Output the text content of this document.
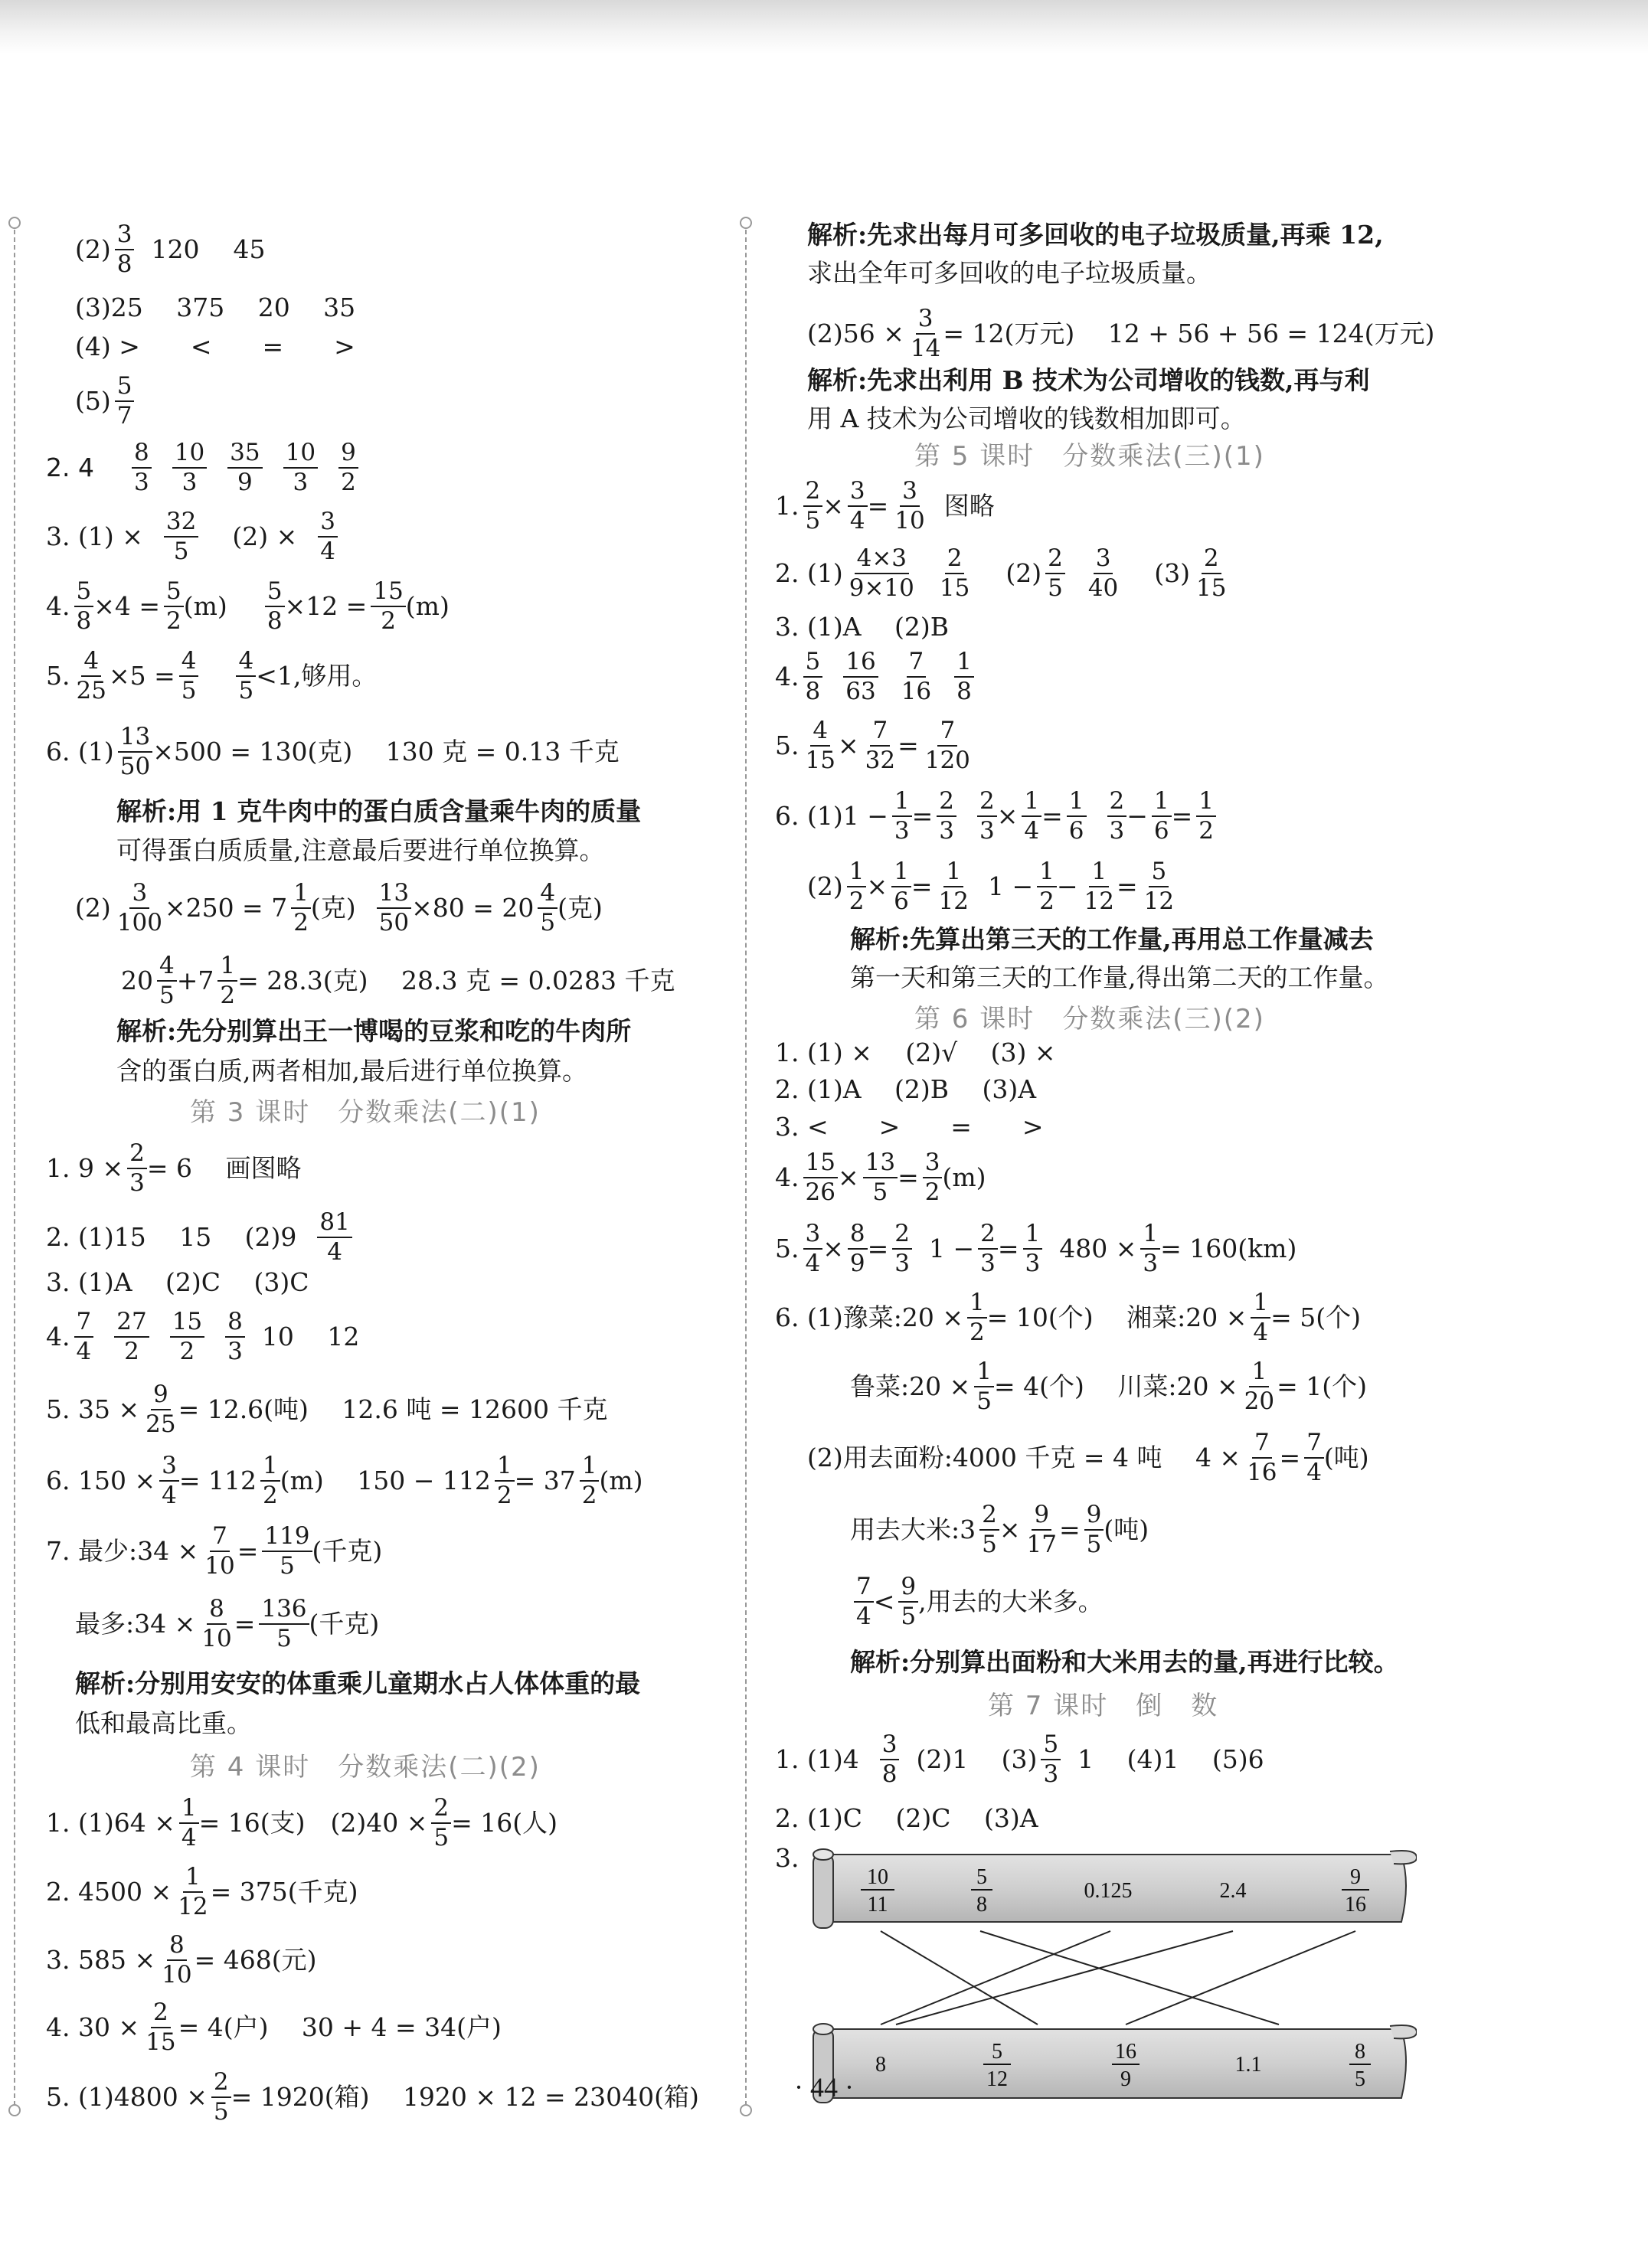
$(2) \frac{3}{8} 120$ 45
(3)25　 375　 20　 35
(4) >　　<　　=　　>
$(5) \frac{5}{7}$
2. $4 \frac{8}{3} \frac{10}{3} \frac{35}{9} \frac{10}{3} \frac{9}{2}$
3. $(1) \times \frac{32}{5} (2) \times \frac{3}{4}$
4. $\frac{5}{8} \times 4 = \frac{5}{2} (m) \frac{5}{8} \times 12 = \frac{15}{2} (m)$
5. $\frac{4}{25} \times 5 = \frac{4}{5} \frac{4}{5} <1$,够用。
6. $(1) \frac{13}{50} \times 500 = 130$(克)　 130 克 = 0.13 千克
解析:用 1 克牛肉中的蛋白质含量乘牛肉的质量
可得蛋白质质量,注意最后要进行单位换算。
$(2) \frac{3}{100} \times 250 = 7 \frac{1}{2}$ (克) $\frac{13}{50} \times 80 = 20 \frac{4}{5}$ (克)
$20 \frac{4}{5} +7 \frac{1}{2} = 28.3$(克)　 28.3 克 = 0.0283 千克
解析:先分别算出王一博喝的豆浆和吃的牛肉所
含的蛋白质,两者相加,最后进行单位换算。
第 3 课时　分数乘法(二)(1)
1. $9 \times \frac{2}{3} = 6$　 画图略
2. (1)15　 15　 $(2)9 \frac{81}{4}$
3. (1)A　 (2)C　 (3)C
4. $\frac{7}{4} \frac{27}{2} \frac{15}{2} \frac{8}{3} 10$　 12
5. $35 \times \frac{9}{25} = 12.6$(吨)　 12.6 吨 = 12600 千克
6. $150 \times \frac{3}{4} = 112 \frac{1}{2} (m)$　 $150 - 112 \frac{1}{2} = 37 \frac{1}{2} (m)$
7. 最少:34 × $\frac{7}{10} = \frac{119}{5}$ (千克)
最多:34 × $\frac{8}{10} = \frac{136}{5}$ (千克)
解析:分别用安安的体重乘儿童期水占人体体重的最
低和最高比重。
第 4 课时　分数乘法(二)(2)
1. $(1)64 \times \frac{1}{4} = 16$(支)　$(2)40 \times \frac{2}{5} = 16$(人)
2. $4500 \times \frac{1}{12} = 375$(千克)
3. $585 \times \frac{8}{10} = 468$(元)
4. $30 \times \frac{2}{15} = 4$(户)　 30 + 4 = 34(户)
5. $(1)4800 \times \frac{2}{5} = 1920$(箱)　 1920 × 12 = 23040(箱)
解析:先求出每月可多回收的电子垃圾质量,再乘 12,
求出全年可多回收的电子垃圾质量。
$(2)56 \times \frac{3}{14} = 12$(万元)　 12 + 56 + 56 = 124(万元)
解析:先求出利用 B 技术为公司增收的钱数,再与利
用 A 技术为公司增收的钱数相加即可。
第 5 课时　分数乘法(三)(1)
1. $\frac{2}{5} \times \frac{3}{4} = \frac{3}{10}$ 图略
2. $(1) \frac{4\times 3}{9\times 10} \frac{2}{15} (2) \frac{2}{5} \frac{3}{40} (3) \frac{2}{15}$
3. (1)A　 (2)B
4. $\frac{5}{8} \frac{16}{63} \frac{7}{16} \frac{1}{8}$
5. $\frac{4}{15} \times \frac{7}{32} = \frac{7}{120}$
6. $(1)1 - \frac{1}{3} = \frac{2}{3} \frac{2}{3} \times \frac{1}{4} = \frac{1}{6} \frac{2}{3} - \frac{1}{6} = \frac{1}{2}$
$(2) \frac{1}{2} \times \frac{1}{6} = \frac{1}{12} 1 - \frac{1}{2} - \frac{1}{12} = \frac{5}{12}$
解析:先算出第三天的工作量,再用总工作量减去
第一天和第三天的工作量,得出第二天的工作量。
第 6 课时　分数乘法(三)(2)
1. (1) ×　 (2)√　 (3) ×
2. (1)A　 (2)B　 (3)A
3. <　　>　　=　　>
4. $\frac{15}{26} \times \frac{13}{5} = \frac{3}{2} (m)$
5. $\frac{3}{4} \times \frac{8}{9} = \frac{2}{3} 1 - \frac{2}{3} = \frac{1}{3} 480 \times \frac{1}{3} = 160(km)$
6. (1)豫菜:20 × $\frac{1}{2} = 10$(个)　 湘菜:20 × $\frac{1}{4} = 5$(个)
鲁菜:20 × $\frac{1}{5} = 4$(个)　 川菜:20 × $\frac{1}{20} = 1$(个)
(2)用去面粉:4000 千克 = 4 吨　 $4 \times \frac{7}{16} = \frac{7}{4}$ (吨)
用去大米:3 $\frac{2}{5} \times \frac{9}{17} = \frac{9}{5}$ (吨)
$\frac{7}{4} < \frac{9}{5}$ ,用去的大米多。
解析:分别算出面粉和大米用去的量,再进行比较。
第 7 课时　倒　数
1. $(1)4 \frac{3}{8} (2)1$　 $(3) \frac{5}{3} 1$　 (4)1　 (5)6
2. (1)C　 (2)C　 (3)A
3.
10
11
5
8
0.125	2.4
9
16
8
5
12
16
9
1.1
8
5
· 44 ·
